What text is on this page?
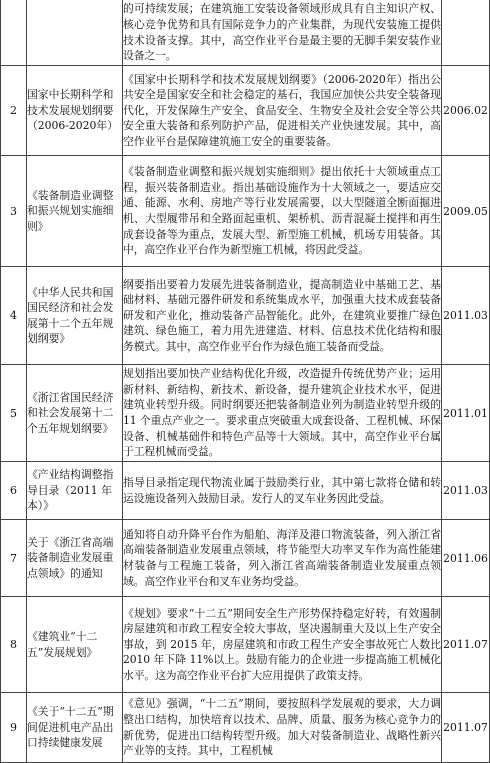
		的可持续发展；在建筑施工安装设备领域形成具有自主知识产权、核心竞争优势和具有国际竞争力的产业集群，为现代安装施工提供技术设备支撑。其中，高空作业平台是最主要的无脚手架安装作业设备之一。	
2	国家中长期科学和技术发展规划纲要（2006-2020年）	《国家中长期科学和技术发展规划纲要》（2006-2020年）指出公共安全是国家安全和社会稳定的基石，我国应加快公共安全装备现代化，开发保障生产安全、食品安全、生物安全及社会安全等公共安全重大装备和系列防护产品，促进相关产业快速发展。其中，高空作业平台是保障建筑施工安全的重要装备。	2006.02
3	《装备制造业调整和振兴规划实施细则》	《装备制造业调整和振兴规划实施细则》提出依托十大领域重点工程，振兴装备制造业。指出基础设施作为十大领域之一，要适应交通、能源、水利、房地产等行业发展需要，以大型隧道全断面掘进机、大型履带吊和全路面起重机、架桥机、沥青混凝土搅拌和再生成套设备等为重点，发展大型、新型施工机械，机场专用装备。其中，高空作业平台作为新型施工机械，将因此受益。	2009.05
4	《中华人民共和国国民经济和社会发展第十二个五年规划纲要》	纲要指出要着力发展先进装备制造业，提高制造业中基础工艺、基础材料、基础元器件研发和系统集成水平，加强重大技术成套装备研发和产业化，推动装备产品智能化。此外，在建筑业要推广绿色建筑、绿色施工，着力用先进建造、材料、信息技术优化结构和服务模式。其中，高空作业平台作为绿色施工装备而受益。	2011.03
5	《浙江省国民经济和社会发展第十二个五年规划纲要》	规划指出要加快产业结构优化升级，改造提升传统优势产业；运用新材料、新结构、新技术、新设备，提升建筑企业技术水平，促进建筑业转型升级。同时纲要还把装备制造业列为制造业转型升级的 11 个重点产业之一。要求重点突破重大成套设备、工程机械、环保设备、机械基础件和特色产品等十大领域。其中，高空作业平台属于工程机械而受益。	2011.01
6	《产业结构调整指导目录（2011 年本）》	指导目录指定现代物流业属于鼓励类行业，其中第七款将仓储和转运设施设备列入鼓励目录。发行人的叉车业务因此受益。	2011.03
7	关于《浙江省高端装备制造业发展重点领域》的通知	通知将自动升降平台作为船舶、海洋及港口物流装备，列入浙江省高端装备制造业发展重点领域，将节能型大功率叉车作为高性能建材装备与工程施工装备，列入浙江省高端装备制造业发展重点领域。高空作业平台和叉车业务均受益。	2011.06
8	《建筑业“十二五”发展规划》	《规划》要求“十二五”期间安全生产形势保持稳定好转，有效遏制房屋建筑和市政工程安全较大事故，坚决遏制重大及以上生产安全事故，到 2015 年，房屋建筑和市政工程生产安全事故死亡人数比 2010 年下降 11%以上。鼓励有能力的企业进一步提高施工机械化水平。这为高空作业平台扩大应用提供了政策支持。	2011.07
9	《关于“十二五”期间促进机电产品出口持续健康发展	《意见》强调，“十二五”期间，要按照科学发展观的要求，大力调整出口结构，加快培育以技术、品牌、质量、服务为核心竞争力的新优势，促进出口结构转型升级。加大对装备制造业、战略性新兴产业等的支持。其中，工程机械	2011.07
